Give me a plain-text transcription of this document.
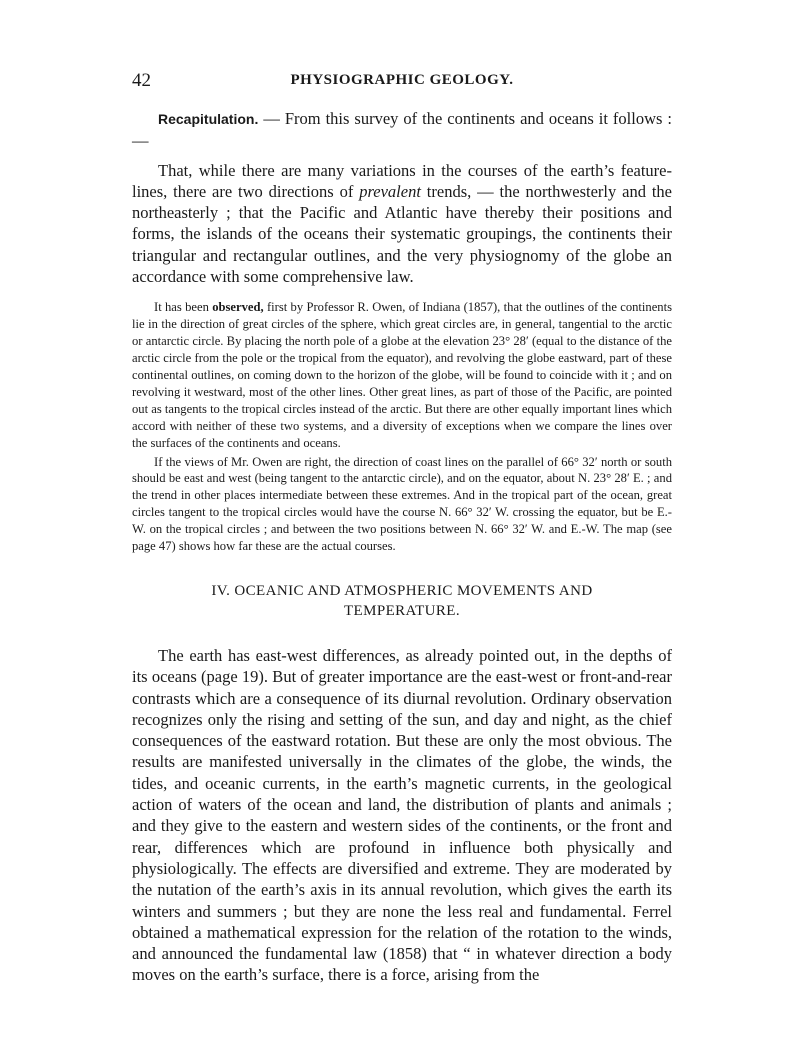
42	PHYSIOGRAPHIC GEOLOGY.

Recapitulation. — From this survey of the continents and oceans it follows : —

That, while there are many variations in the courses of the earth’s feature-lines, there are two directions of prevalent trends, — the northwesterly and the northeasterly ; that the Pacific and Atlantic have thereby their positions and forms, the islands of the oceans their systematic groupings, the continents their triangular and rectangular outlines, and the very physiognomy of the globe an accordance with some comprehensive law.

It has been observed, first by Professor R. Owen, of Indiana (1857), that the outlines of the continents lie in the direction of great circles of the sphere, which great circles are, in general, tangential to the arctic or antarctic circle. By placing the north pole of a globe at the elevation 23° 28′ (equal to the distance of the arctic circle from the pole or the tropical from the equator), and revolving the globe eastward, part of these continental outlines, on coming down to the horizon of the globe, will be found to coincide with it ; and on revolving it westward, most of the other lines. Other great lines, as part of those of the Pacific, are pointed out as tangents to the tropical circles instead of the arctic. But there are other equally important lines which accord with neither of these two systems, and a diversity of exceptions when we compare the lines over the surfaces of the continents and oceans.

If the views of Mr. Owen are right, the direction of coast lines on the parallel of 66° 32′ north or south should be east and west (being tangent to the antarctic circle), and on the equator, about N. 23° 28′ E. ; and the trend in other places intermediate between these extremes. And in the tropical part of the ocean, great circles tangent to the tropical circles would have the course N. 66° 32′ W. crossing the equator, but be E.-W. on the tropical circles ; and between the two positions between N. 66° 32′ W. and E.-W. The map (see page 47) shows how far these are the actual courses.

IV. OCEANIC AND ATMOSPHERIC MOVEMENTS AND
TEMPERATURE.

The earth has east-west differences, as already pointed out, in the depths of its oceans (page 19). But of greater importance are the east-west or front-and-rear contrasts which are a consequence of its diurnal revolution. Ordinary observation recognizes only the rising and setting of the sun, and day and night, as the chief consequences of the eastward rotation. But these are only the most obvious. The results are manifested universally in the climates of the globe, the winds, the tides, and oceanic currents, in the earth’s magnetic currents, in the geological action of waters of the ocean and land, the distribution of plants and animals ; and they give to the eastern and western sides of the continents, or the front and rear, differences which are profound in influence both physically and physiologically. The effects are diversified and extreme. They are moderated by the nutation of the earth’s axis in its annual revolution, which gives the earth its winters and summers ; but they are none the less real and fundamental. Ferrel obtained a mathematical expression for the relation of the rotation to the winds, and announced the fundamental law (1858) that “ in whatever direction a body moves on the earth’s surface, there is a force, arising from the
